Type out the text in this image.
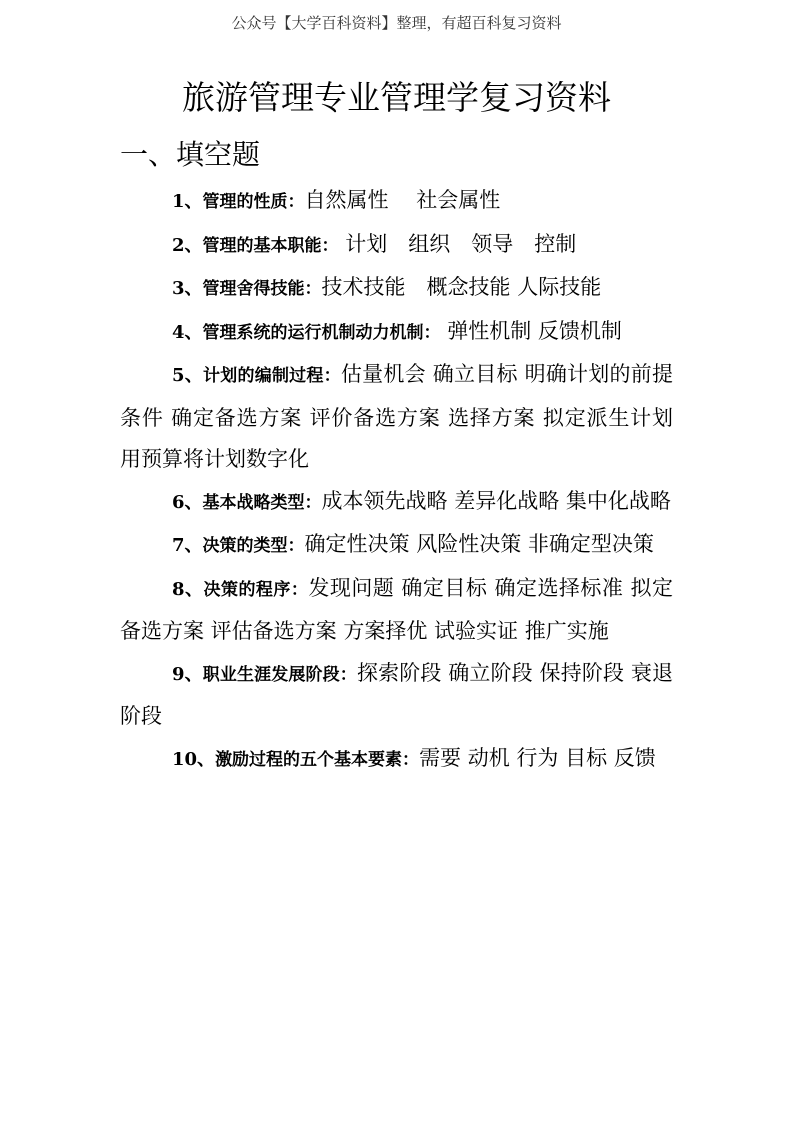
公众号【大学百科资料】整理，有超百科复习资料
旅游管理专业管理学复习资料
一、填空题
1、管理的性质：自然属性　 社会属性
2、管理的基本职能： 计划　组织　领导　控制
3、管理舍得技能：技术技能　概念技能 人际技能
4、管理系统的运行机制动力机制： 弹性机制 反馈机制
5、计划的编制过程：估量机会 确立目标 明确计划的前提条件 确定备选方案 评价备选方案 选择方案 拟定派生计划 用预算将计划数字化
6、基本战略类型：成本领先战略 差异化战略 集中化战略
7、决策的类型：确定性决策 风险性决策 非确定型决策
8、决策的程序：发现问题 确定目标 确定选择标准 拟定备选方案 评估备选方案 方案择优 试验实证 推广实施
9、职业生涯发展阶段：探索阶段 确立阶段 保持阶段 衰退阶段
10、激励过程的五个基本要素：需要 动机 行为 目标 反馈
